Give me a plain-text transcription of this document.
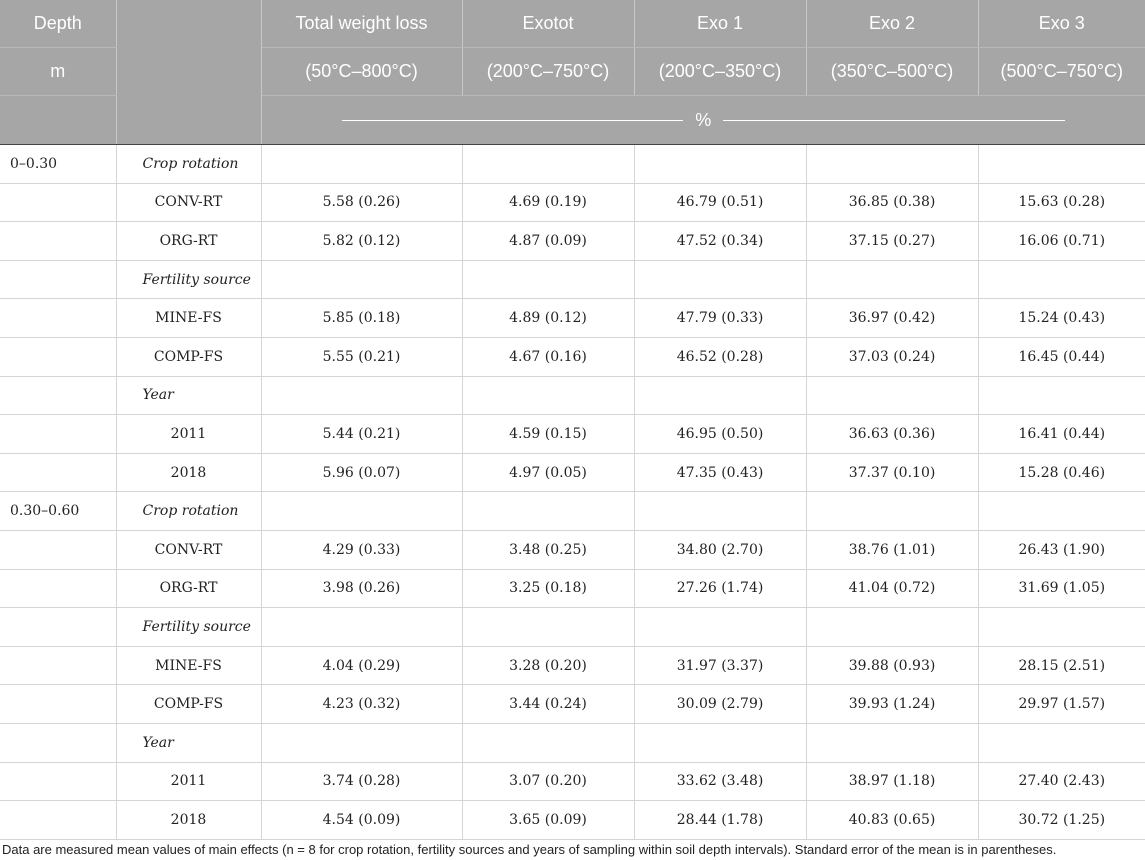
Depth		Total weight loss	Exotot	Exo 1	Exo 2	Exo 3
m		(50°C–800°C)	(200°C–750°C)	(200°C–350°C)	(350°C–500°C)	(500°C–750°C)

		%				

0–0.30	Crop rotation					
	CONV-RT	5.58 (0.26)	4.69 (0.19)	46.79 (0.51)	36.85 (0.38)	15.63 (0.28)
	ORG-RT	5.82 (0.12)	4.87 (0.09)	47.52 (0.34)	37.15 (0.27)	16.06 (0.71)
	Fertility source					
	MINE-FS	5.85 (0.18)	4.89 (0.12)	47.79 (0.33)	36.97 (0.42)	15.24 (0.43)
	COMP-FS	5.55 (0.21)	4.67 (0.16)	46.52 (0.28)	37.03 (0.24)	16.45 (0.44)
	Year					
	2011	5.44 (0.21)	4.59 (0.15)	46.95 (0.50)	36.63 (0.36)	16.41 (0.44)
	2018	5.96 (0.07)	4.97 (0.05)	47.35 (0.43)	37.37 (0.10)	15.28 (0.46)
0.30–0.60	Crop rotation					
	CONV-RT	4.29 (0.33)	3.48 (0.25)	34.80 (2.70)	38.76 (1.01)	26.43 (1.90)
	ORG-RT	3.98 (0.26)	3.25 (0.18)	27.26 (1.74)	41.04 (0.72)	31.69 (1.05)
	Fertility source					
	MINE-FS	4.04 (0.29)	3.28 (0.20)	31.97 (3.37)	39.88 (0.93)	28.15 (2.51)
	COMP-FS	4.23 (0.32)	3.44 (0.24)	30.09 (2.79)	39.93 (1.24)	29.97 (1.57)
	Year					
	2011	3.74 (0.28)	3.07 (0.20)	33.62 (3.48)	38.97 (1.18)	27.40 (2.43)
	2018	4.54 (0.09)	3.65 (0.09)	28.44 (1.78)	40.83 (0.65)	30.72 (1.25)
Data are measured mean values of main effects (n = 8 for crop rotation, fertility sources and years of sampling within soil depth intervals). Standard error of the mean is in parentheses.
